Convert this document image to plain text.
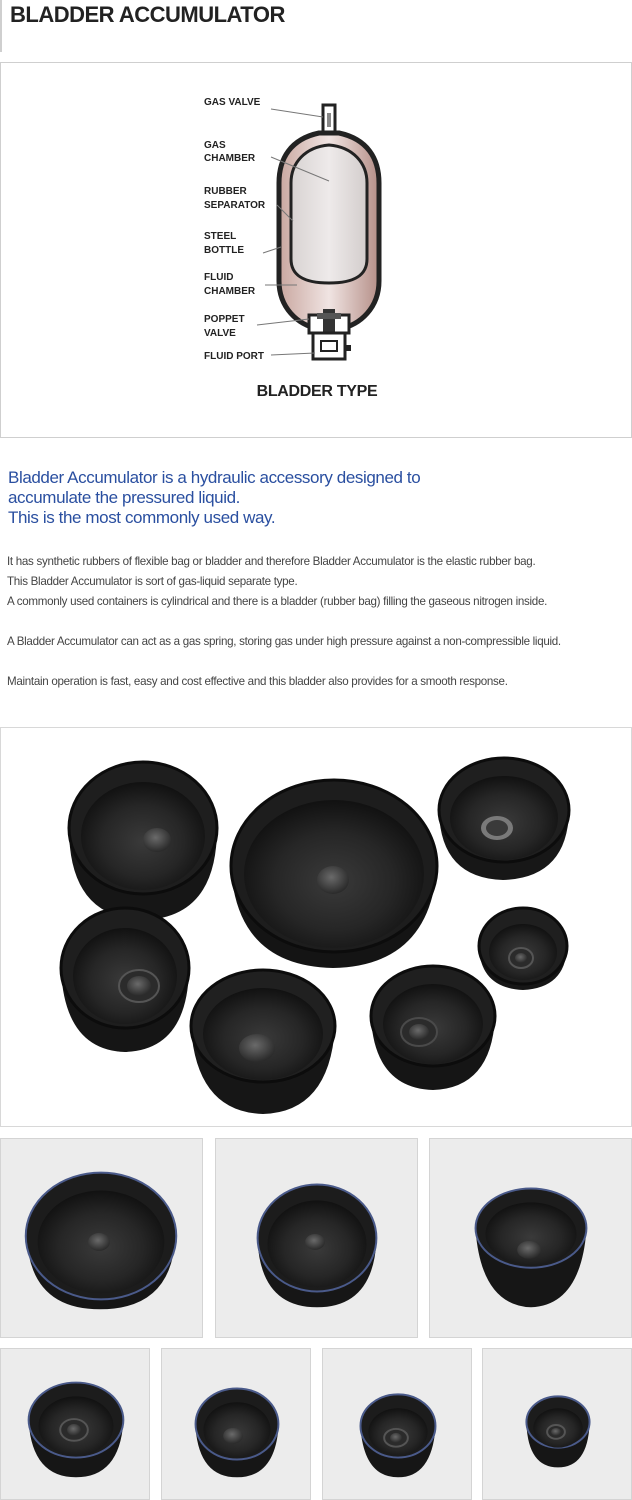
BLADDER ACCUMULATOR
GAS VALVE
GAS
CHAMBER
RUBBER
SEPARATOR
STEEL
BOTTLE
FLUID
CHAMBER
POPPET
VALVE
FLUID PORT
BLADDER TYPE
Bladder Accumulator is a hydraulic accessory designed to
accumulate the pressured liquid.
This is the most commonly used way.
It has synthetic rubbers of flexible bag or bladder and therefore Bladder Accumulator is the elastic rubber bag.
This Bladder Accumulator is sort of gas-liquid separate type.
A commonly used containers is cylindrical and there is a bladder (rubber bag) filling the gaseous nitrogen inside.
A Bladder Accumulator can act as a gas spring, storing gas under high pressure against a non-compressible liquid.
Maintain operation is fast, easy and cost effective and this bladder also provides for a smooth response.
